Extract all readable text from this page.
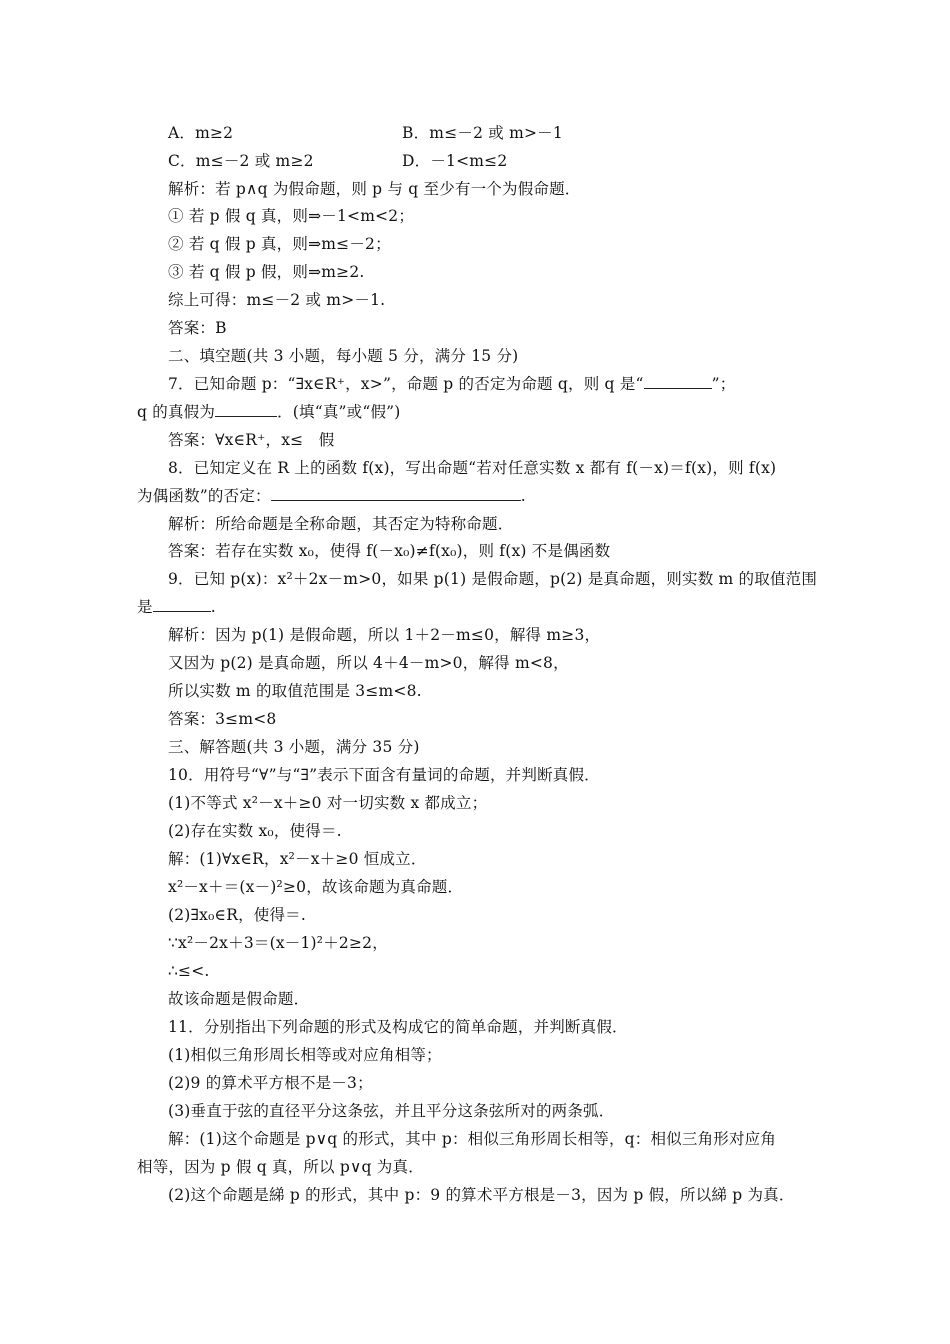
A．m≥2	B．m≤－2 或 m>－1
C．m≤－2 或 m≥2	D．－1<m≤2
解析：若 p∧q 为假命题，则 p 与 q 至少有一个为假命题．
① 若 p 假 q 真，则⇒－1<m<2；
② 若 q 假 p 真，则⇒m≤－2；
③ 若 q 假 p 假，则⇒m≥2.
综上可得：m≤－2 或 m>－1.
答案：B
二、填空题(共 3 小题，每小题 5 分，满分 15 分)
7．已知命题 p：“∃x∈R⁺，x>”，命题 p 的否定为命题 q，则 q 是“	”；
q 的真假为	．(填“真”或“假”)
答案：∀x∈R⁺，x≤   假
8．已知定义在 R 上的函数 f(x)，写出命题“若对任意实数 x 都有 f(－x)＝f(x)，则 f(x)
为偶函数”的否定：	.
解析：所给命题是全称命题，其否定为特称命题．
答案：若存在实数 x₀，使得 f(－x₀)≠f(x₀)，则 f(x) 不是偶函数
9．已知 p(x)：x²＋2x－m>0，如果 p(1) 是假命题，p(2) 是真命题，则实数 m 的取值范围
是	.
解析：因为 p(1) 是假命题，所以 1＋2－m≤0，解得 m≥3，
又因为 p(2) 是真命题，所以 4＋4－m>0，解得 m<8，
所以实数 m 的取值范围是 3≤m<8.
答案：3≤m<8
三、解答题(共 3 小题，满分 35 分)
10．用符号“∀”与“∃”表示下面含有量词的命题，并判断真假．
(1)不等式 x²－x＋≥0 对一切实数 x 都成立；
(2)存在实数 x₀，使得＝.
解：(1)∀x∈R，x²－x＋≥0 恒成立．
x²－x＋＝(x－)²≥0，故该命题为真命题．
(2)∃x₀∈R，使得＝.
∵x²－2x＋3＝(x－1)²＋2≥2，
∴≤<.
故该命题是假命题．
11．分别指出下列命题的形式及构成它的简单命题，并判断真假．
(1)相似三角形周长相等或对应角相等；
(2)9 的算术平方根不是－3；
(3)垂直于弦的直径平分这条弦，并且平分这条弦所对的两条弧．
解：(1)这个命题是 p∨q 的形式，其中 p：相似三角形周长相等，q：相似三角形对应角
相等，因为 p 假 q 真，所以 p∨q 为真．
(2)这个命题是綈 p 的形式，其中 p：9 的算术平方根是－3，因为 p 假，所以綈 p 为真．
